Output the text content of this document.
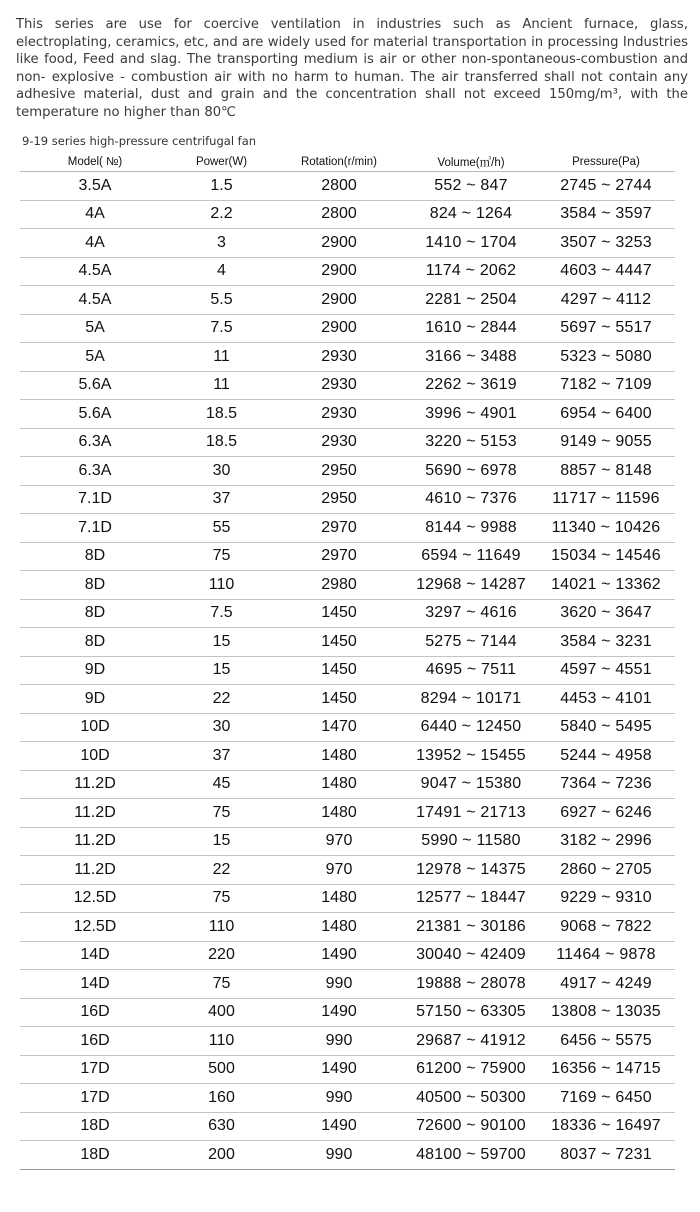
This series are use for coercive ventilation in industries such as Ancient furnace, glass, electroplating, ceramics, etc, and are widely used for material transportation in processing Industries like food, Feed and slag. The transporting medium is air or other non-spontaneous-combustion and non- explosive - combustion air with no harm to human. The air transferred shall not contain any adhesive material, dust and grain and the concentration shall not exceed 150mg/m³, with the temperature no higher than 80℃

9-19 series high-pressure centrifugal fan

Model( №)	Power(W)	Rotation(r/min)	Volume(㎥/h)	Pressure(Pa)
3.5A	1.5	2800	552 ~ 847	2745 ~ 2744
4A	2.2	2800	824 ~ 1264	3584 ~ 3597
4A	3	2900	1410 ~ 1704	3507 ~ 3253
4.5A	4	2900	1174 ~ 2062	4603 ~ 4447
4.5A	5.5	2900	2281 ~ 2504	4297 ~ 4112
5A	7.5	2900	1610 ~ 2844	5697 ~ 5517
5A	11	2930	3166 ~ 3488	5323 ~ 5080
5.6A	11	2930	2262 ~ 3619	7182 ~ 7109
5.6A	18.5	2930	3996 ~ 4901	6954 ~ 6400
6.3A	18.5	2930	3220 ~ 5153	9149 ~ 9055
6.3A	30	2950	5690 ~ 6978	8857 ~ 8148
7.1D	37	2950	4610 ~ 7376	11717 ~ 11596
7.1D	55	2970	8144 ~ 9988	11340 ~ 10426
8D	75	2970	6594 ~ 11649	15034 ~ 14546
8D	110	2980	12968 ~ 14287	14021 ~ 13362
8D	7.5	1450	3297 ~ 4616	3620 ~ 3647
8D	15	1450	5275 ~ 7144	3584 ~ 3231
9D	15	1450	4695 ~ 7511	4597 ~ 4551
9D	22	1450	8294 ~ 10171	4453 ~ 4101
10D	30	1470	6440 ~ 12450	5840 ~ 5495
10D	37	1480	13952 ~ 15455	5244 ~ 4958
11.2D	45	1480	9047 ~ 15380	7364 ~ 7236
11.2D	75	1480	17491 ~ 21713	6927 ~ 6246
11.2D	15	970	5990 ~ 11580	3182 ~ 2996
11.2D	22	970	12978 ~ 14375	2860 ~ 2705
12.5D	75	1480	12577 ~ 18447	9229 ~ 9310
12.5D	110	1480	21381 ~ 30186	9068 ~ 7822
14D	220	1490	30040 ~ 42409	11464 ~ 9878
14D	75	990	19888 ~ 28078	4917 ~ 4249
16D	400	1490	57150 ~ 63305	13808 ~ 13035
16D	110	990	29687 ~ 41912	6456 ~ 5575
17D	500	1490	61200 ~ 75900	16356 ~ 14715
17D	160	990	40500 ~ 50300	7169 ~ 6450
18D	630	1490	72600 ~ 90100	18336 ~ 16497
18D	200	990	48100 ~ 59700	8037 ~ 7231
